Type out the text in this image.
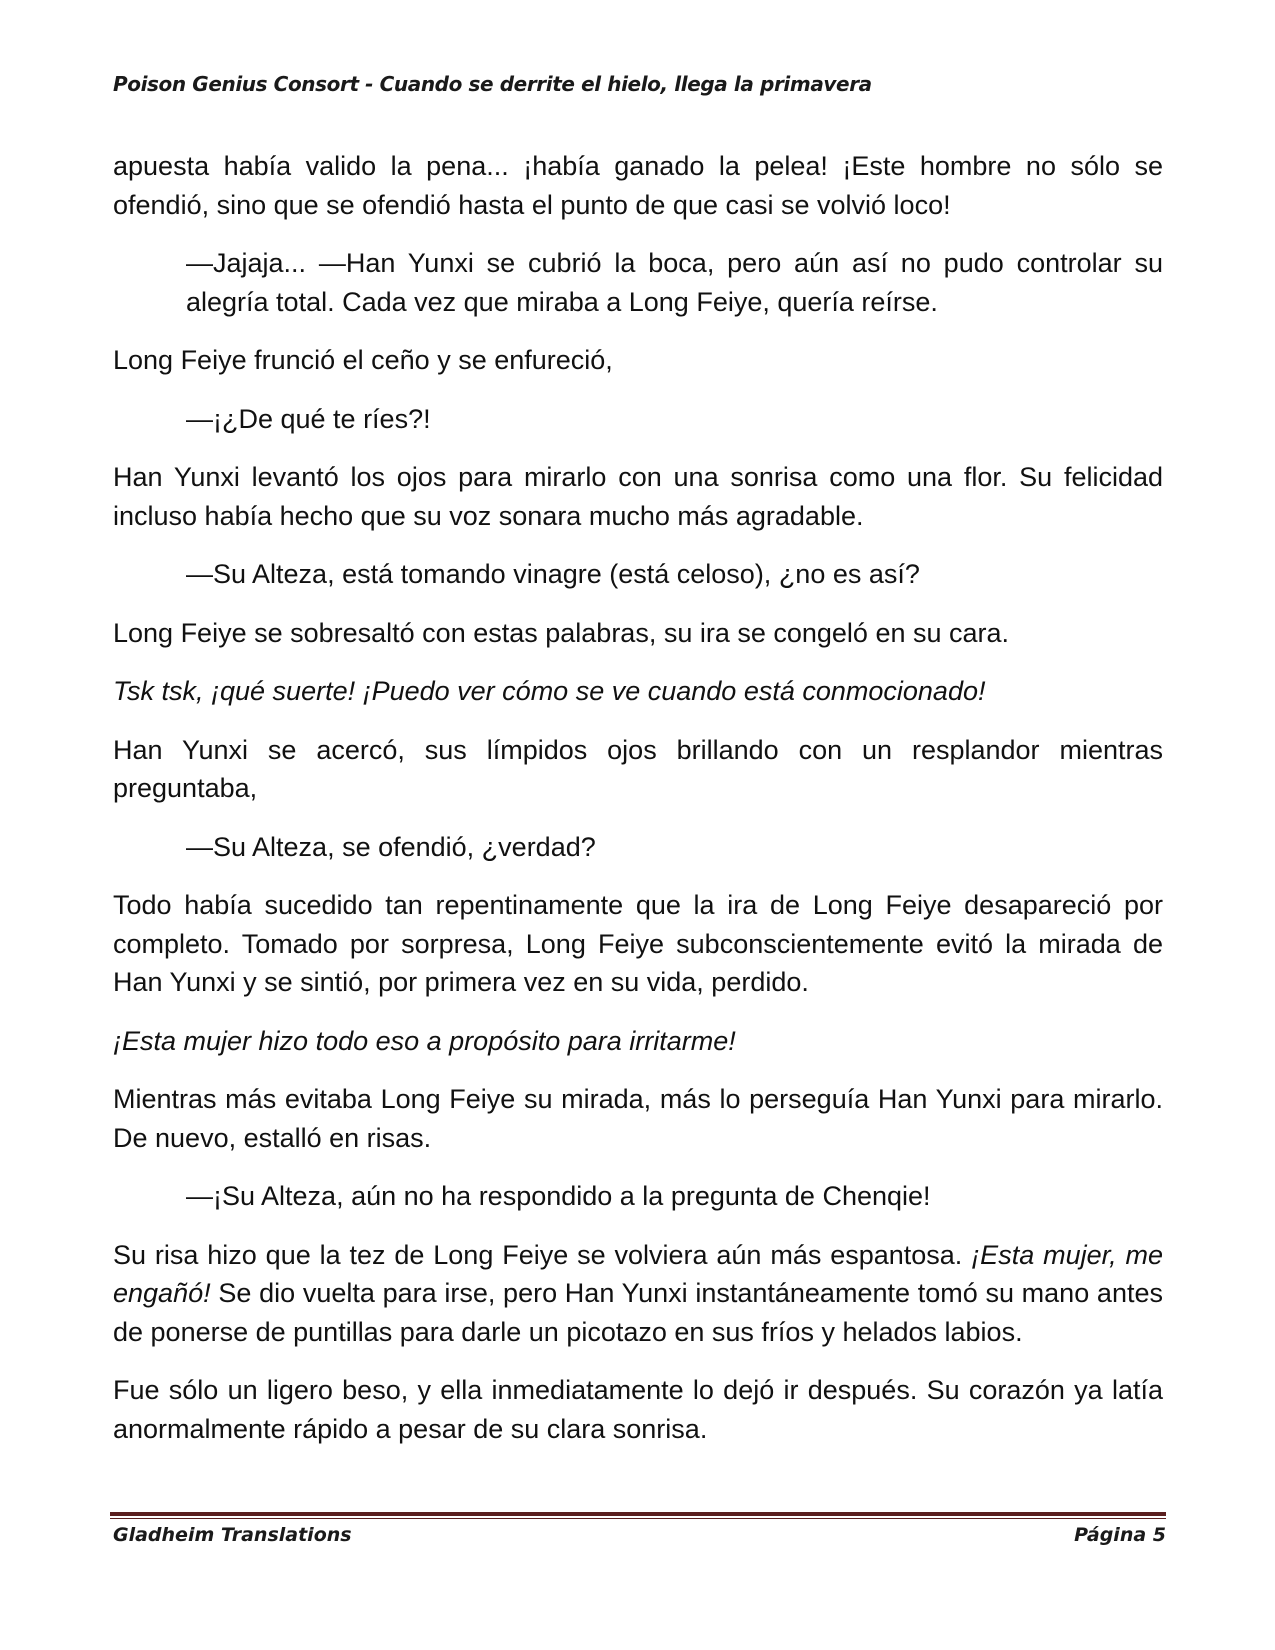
Poison Genius Consort - Cuando se derrite el hielo, llega la primavera

apuesta había valido la pena... ¡había ganado la pelea! ¡Este hombre no sólo se ofendió, sino que se ofendió hasta el punto de que casi se volvió loco!

—Jajaja... —Han Yunxi se cubrió la boca, pero aún así no pudo controlar su alegría total. Cada vez que miraba a Long Feiye, quería reírse.

Long Feiye frunció el ceño y se enfureció,

—¡¿De qué te ríes?!

Han Yunxi levantó los ojos para mirarlo con una sonrisa como una flor. Su felicidad incluso había hecho que su voz sonara mucho más agradable.

—Su Alteza, está tomando vinagre (está celoso), ¿no es así?

Long Feiye se sobresaltó con estas palabras, su ira se congeló en su cara.

Tsk tsk, ¡qué suerte! ¡Puedo ver cómo se ve cuando está conmocionado!

Han Yunxi se acercó, sus límpidos ojos brillando con un resplandor mientras preguntaba,

—Su Alteza, se ofendió, ¿verdad?

Todo había sucedido tan repentinamente que la ira de Long Feiye desapareció por completo. Tomado por sorpresa, Long Feiye subconscientemente evitó la mirada de Han Yunxi y se sintió, por primera vez en su vida, perdido.

¡Esta mujer hizo todo eso a propósito para irritarme!

Mientras más evitaba Long Feiye su mirada, más lo perseguía Han Yunxi para mirarlo. De nuevo, estalló en risas.

—¡Su Alteza, aún no ha respondido a la pregunta de Chenqie!

Su risa hizo que la tez de Long Feiye se volviera aún más espantosa. ¡Esta mujer, me engañó! Se dio vuelta para irse, pero Han Yunxi instantáneamente tomó su mano antes de ponerse de puntillas para darle un picotazo en sus fríos y helados labios.

Fue sólo un ligero beso, y ella inmediatamente lo dejó ir después. Su corazón ya latía anormalmente rápido a pesar de su clara sonrisa.

Gladheim Translations	Página 5
